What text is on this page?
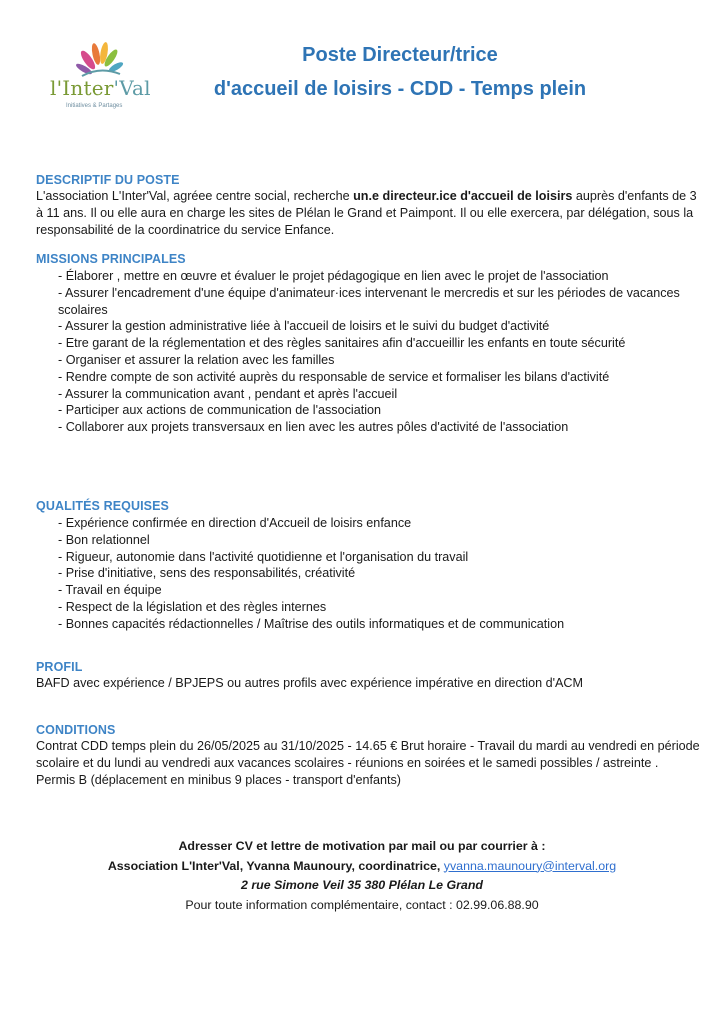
l'Inter'Val
Initiatives & Partages
Poste Directeur/trice
d'accueil de loisirs - CDD - Temps plein
DESCRIPTIF DU POSTE

L'association L'Inter'Val, agréee centre social, recherche un.e directeur.ice d'accueil de loisirs auprès d'enfants de 3 à 11 ans. Il ou elle aura en charge les sites de Plélan le Grand et Paimpont. Il ou elle exercera, par délégation, sous la responsabilité de la coordinatrice du service Enfance.

MISSIONS PRINCIPALES
- Élaborer , mettre en œuvre et évaluer le projet pédagogique en lien avec le projet de l'association
- Assurer l'encadrement d'une équipe d'animateur·ices intervenant le mercredis et sur les périodes de vacances scolaires
- Assurer la gestion administrative liée à l'accueil de loisirs et le suivi du budget d'activité
- Etre garant de la réglementation et des règles sanitaires afin d'accueillir les enfants en toute sécurité
- Organiser et assurer la relation avec les familles
- Rendre compte de son activité auprès du responsable de service et formaliser les bilans d'activité
- Assurer la communication avant , pendant et après l'accueil
- Participer aux actions de communication de l'association
- Collaborer aux projets transversaux en lien avec les autres pôles d'activité de l'association
QUALITÉS REQUISES
- Expérience confirmée en direction d'Accueil de loisirs enfance
- Bon relationnel
- Rigueur, autonomie dans l'activité quotidienne et l'organisation du travail
- Prise d'initiative, sens des responsabilités, créativité
- Travail en équipe
- Respect de la législation et des règles internes
- Bonnes capacités rédactionnelles / Maîtrise des outils informatiques et de communication
PROFIL

BAFD avec expérience / BPJEPS ou autres profils avec expérience impérative en direction d'ACM

CONDITIONS

Contrat CDD temps plein du 26/05/2025 au 31/10/2025 - 14.65 € Brut horaire - Travail du mardi au vendredi en période scolaire et du lundi au vendredi aux vacances scolaires - réunions en soirées et le samedi possibles / astreinte .

Permis B (déplacement en minibus 9 places - transport d'enfants)

Adresser CV et lettre de motivation par mail ou par courrier à :
Association L'Inter'Val, Yvanna Maunoury, coordinatrice, yvanna.maunoury@interval.org
2 rue Simone Veil 35 380 Plélan Le Grand
Pour toute information complémentaire, contact : 02.99.06.88.90
